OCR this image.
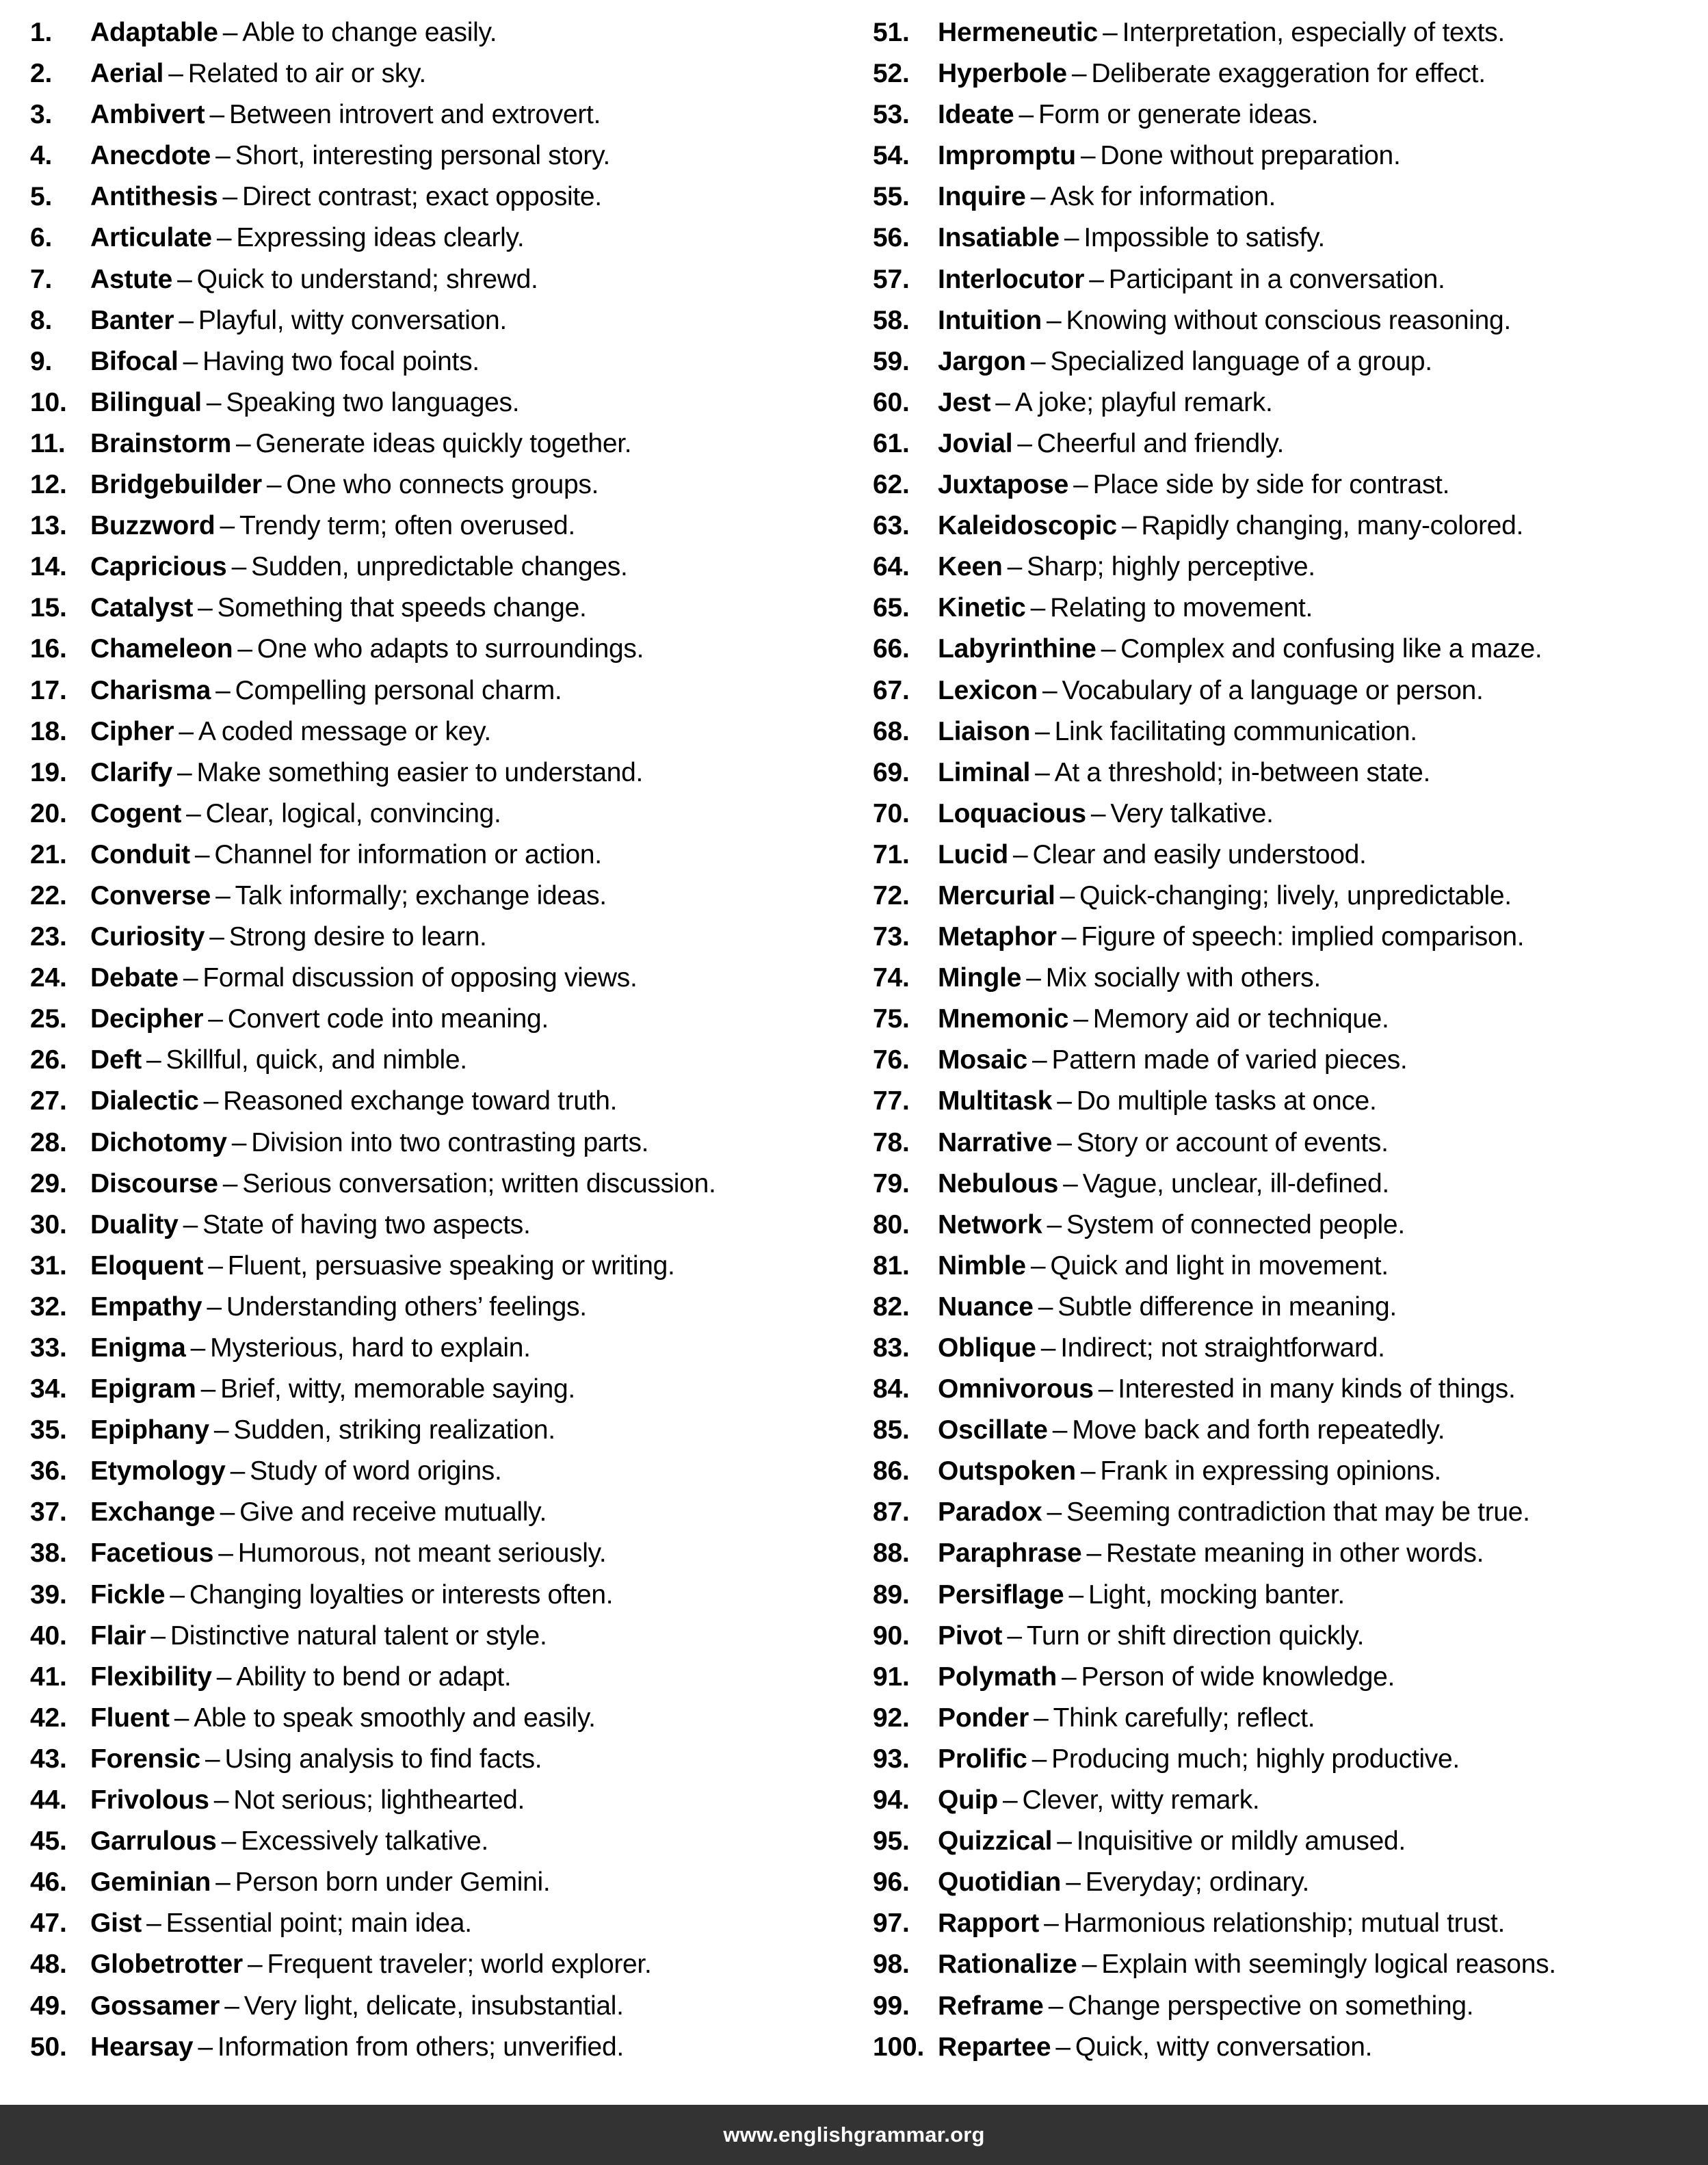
1.	Adaptable – Able to change easily.
2.	Aerial – Related to air or sky.
3.	Ambivert – Between introvert and extrovert.
4.	Anecdote – Short, interesting personal story.
5.	Antithesis – Direct contrast; exact opposite.
6.	Articulate – Expressing ideas clearly.
7.	Astute – Quick to understand; shrewd.
8.	Banter – Playful, witty conversation.
9.	Bifocal – Having two focal points.
10. Bilingual – Speaking two languages.
11. Brainstorm – Generate ideas quickly together.
12. Bridgebuilder – One who connects groups.
13. Buzzword – Trendy term; often overused.
14. Capricious – Sudden, unpredictable changes.
15. Catalyst – Something that speeds change.
16. Chameleon – One who adapts to surroundings.
17. Charisma – Compelling personal charm.
18. Cipher – A coded message or key.
19. Clarify – Make something easier to understand.
20. Cogent – Clear, logical, convincing.
21. Conduit – Channel for information or action.
22. Converse – Talk informally; exchange ideas.
23. Curiosity – Strong desire to learn.
24. Debate – Formal discussion of opposing views.
25. Decipher – Convert code into meaning.
26. Deft – Skillful, quick, and nimble.
27. Dialectic – Reasoned exchange toward truth.
28. Dichotomy – Division into two contrasting parts.
29. Discourse – Serious conversation; written discussion.
30. Duality – State of having two aspects.
31. Eloquent – Fluent, persuasive speaking or writing.
32. Empathy – Understanding others’ feelings.
33. Enigma – Mysterious, hard to explain.
34. Epigram – Brief, witty, memorable saying.
35. Epiphany – Sudden, striking realization.
36. Etymology – Study of word origins.
37. Exchange – Give and receive mutually.
38. Facetious – Humorous, not meant seriously.
39. Fickle – Changing loyalties or interests often.
40. Flair – Distinctive natural talent or style.
41. Flexibility – Ability to bend or adapt.
42. Fluent – Able to speak smoothly and easily.
43. Forensic – Using analysis to find facts.
44. Frivolous – Not serious; lighthearted.
45. Garrulous – Excessively talkative.
46. Geminian – Person born under Gemini.
47. Gist – Essential point; main idea.
48. Globetrotter – Frequent traveler; world explorer.
49. Gossamer – Very light, delicate, insubstantial.
50. Hearsay – Information from others; unverified.
51.	Hermeneutic – Interpretation, especially of texts.
52.	Hyperbole – Deliberate exaggeration for effect.
53.	Ideate – Form or generate ideas.
54.	Impromptu – Done without preparation.
55.	Inquire – Ask for information.
56.	Insatiable – Impossible to satisfy.
57.	Interlocutor – Participant in a conversation.
58.	Intuition – Knowing without conscious reasoning.
59.	Jargon – Specialized language of a group.
60.	Jest – A joke; playful remark.
61.	Jovial – Cheerful and friendly.
62.	Juxtapose – Place side by side for contrast.
63.	Kaleidoscopic – Rapidly changing, many-colored.
64.	Keen – Sharp; highly perceptive.
65.	Kinetic – Relating to movement.
66.	Labyrinthine – Complex and confusing like a maze.
67.	Lexicon – Vocabulary of a language or person.
68.	Liaison – Link facilitating communication.
69.	Liminal – At a threshold; in-between state.
70.	Loquacious – Very talkative.
71.	Lucid – Clear and easily understood.
72.	Mercurial – Quick-changing; lively, unpredictable.
73.	Metaphor – Figure of speech: implied comparison.
74.	Mingle – Mix socially with others.
75.	Mnemonic – Memory aid or technique.
76.	Mosaic – Pattern made of varied pieces.
77.	Multitask – Do multiple tasks at once.
78.	Narrative – Story or account of events.
79.	Nebulous – Vague, unclear, ill-defined.
80.	Network – System of connected people.
81.	Nimble – Quick and light in movement.
82.	Nuance – Subtle difference in meaning.
83.	Oblique – Indirect; not straightforward.
84.	Omnivorous – Interested in many kinds of things.
85.	Oscillate – Move back and forth repeatedly.
86.	Outspoken – Frank in expressing opinions.
87.	Paradox – Seeming contradiction that may be true.
88.	Paraphrase – Restate meaning in other words.
89.	Persiflage – Light, mocking banter.
90.	Pivot – Turn or shift direction quickly.
91.	Polymath – Person of wide knowledge.
92.	Ponder – Think carefully; reflect.
93.	Prolific – Producing much; highly productive.
94.	Quip – Clever, witty remark.
95.	Quizzical – Inquisitive or mildly amused.
96.	Quotidian – Everyday; ordinary.
97.	Rapport – Harmonious relationship; mutual trust.
98.	Rationalize – Explain with seemingly logical reasons.
99.	Reframe – Change perspective on something.
100. Repartee – Quick, witty conversation.
www.englishgrammar.org
